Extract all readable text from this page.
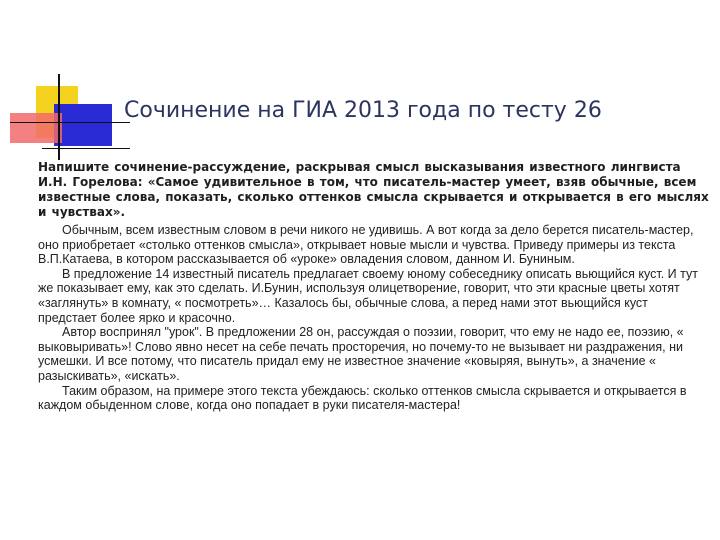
Сочинение на ГИА 2013 года по тесту 26
Напишите сочинение-рассуждение, раскрывая смысл высказывания известного лингвиста И.Н. Горелова: «Самое удивительное в том, что писатель-мастер умеет, взяв обычные, всем известные слова, показать, сколько оттенков смысла скрывается и открывается в его мыслях и чувствах».

Обычным, всем известным словом в речи никого не удивишь. А вот когда за дело берется писатель-мастер, оно приобретает «столько оттенков смысла», открывает новые мысли и чувства. Приведу примеры из текста В.П.Катаева, в котором рассказывается об «уроке» овладения словом, данном И. Буниным.

В предложение 14 известный писатель предлагает своему юному собеседнику описать вьющийся куст. И тут же показывает ему, как это сделать. И.Бунин, используя олицетворение, говорит, что эти красные цветы хотят «заглянуть» в комнату, « посмотреть»… Казалось бы, обычные слова, а перед нами этот вьющийся куст предстает более ярко и красочно.

Автор воспринял "урок". В предложении 28 он, рассуждая о поэзии, говорит, что ему не надо ее, поэзию, « выковыривать»! Слово явно несет на себе печать просторечия, но почему-то не вызывает ни раздражения, ни усмешки. И все потому, что писатель придал ему не известное значение «ковыряя, вынуть», а значение « разыскивать», «искать».

Таким образом, на примере этого текста убеждаюсь: сколько оттенков смысла скрывается и открывается в каждом обыденном слове, когда оно попадает в руки писателя-мастера!
